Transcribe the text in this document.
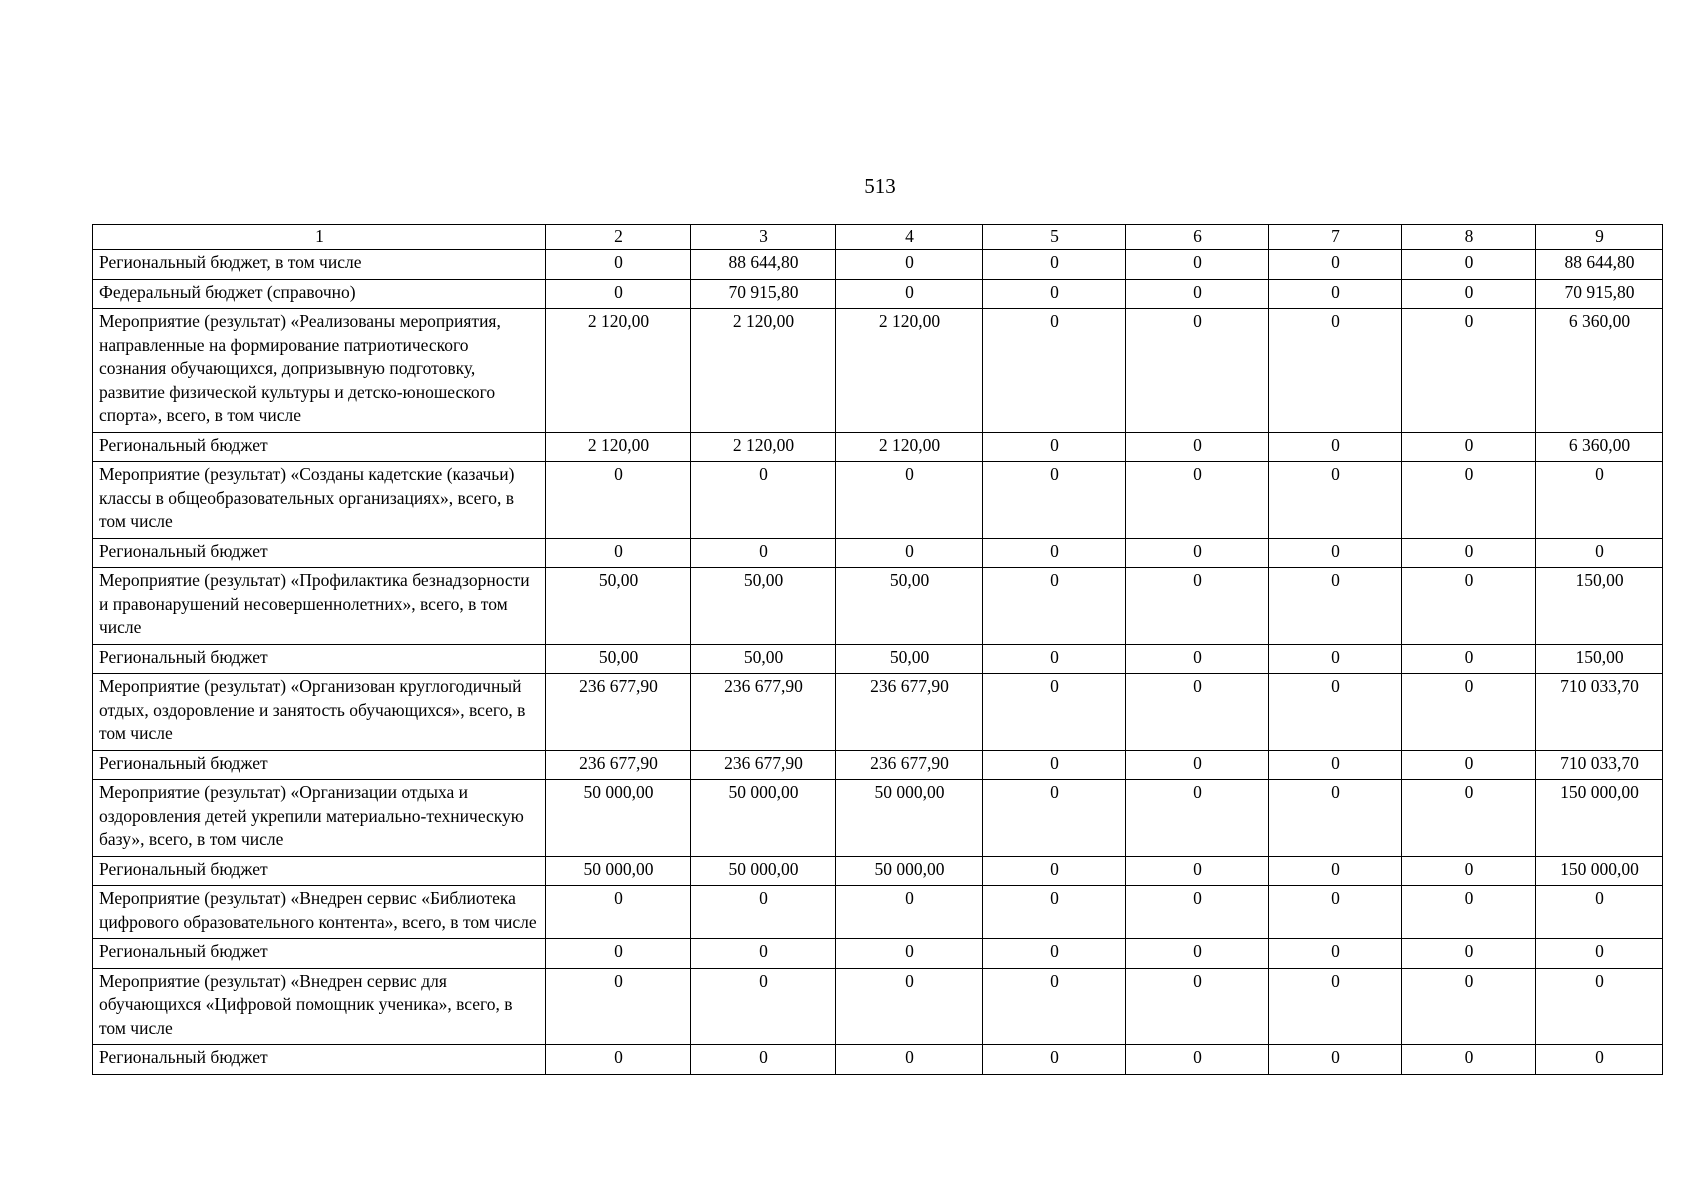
513
1	2	3	4	5	6	7	8	9
Региональный бюджет, в том числе	0	88 644,80	0	0	0	0	0	88 644,80
Федеральный бюджет (справочно)	0	70 915,80	0	0	0	0	0	70 915,80
Мероприятие (результат) «Реализованы мероприятия, направленные на формирование патриотического сознания обучающихся, допризывную подготовку, развитие физической культуры и детско-юношеского спорта», всего, в том числе	2 120,00	2 120,00	2 120,00	0	0	0	0	6 360,00
Региональный бюджет	2 120,00	2 120,00	2 120,00	0	0	0	0	6 360,00
Мероприятие (результат) «Созданы кадетские (казачьи) классы в общеобразовательных организациях», всего, в том числе	0	0	0	0	0	0	0	0
Региональный бюджет	0	0	0	0	0	0	0	0
Мероприятие (результат) «Профилактика безнадзорности и правонарушений несовершеннолетних», всего, в том числе	50,00	50,00	50,00	0	0	0	0	150,00
Региональный бюджет	50,00	50,00	50,00	0	0	0	0	150,00
Мероприятие (результат) «Организован круглогодичный отдых, оздоровление и занятость обучающихся», всего, в том числе	236 677,90	236 677,90	236 677,90	0	0	0	0	710 033,70
Региональный бюджет	236 677,90	236 677,90	236 677,90	0	0	0	0	710 033,70
Мероприятие (результат) «Организации отдыха и оздоровления детей укрепили материально-техническую базу», всего, в том числе	50 000,00	50 000,00	50 000,00	0	0	0	0	150 000,00
Региональный бюджет	50 000,00	50 000,00	50 000,00	0	0	0	0	150 000,00
Мероприятие (результат) «Внедрен сервис «Библиотека цифрового образовательного контента», всего, в том числе	0	0	0	0	0	0	0	0
Региональный бюджет	0	0	0	0	0	0	0	0
Мероприятие (результат) «Внедрен сервис для обучающихся «Цифровой помощник ученика», всего, в том числе	0	0	0	0	0	0	0	0
Региональный бюджет	0	0	0	0	0	0	0	0
